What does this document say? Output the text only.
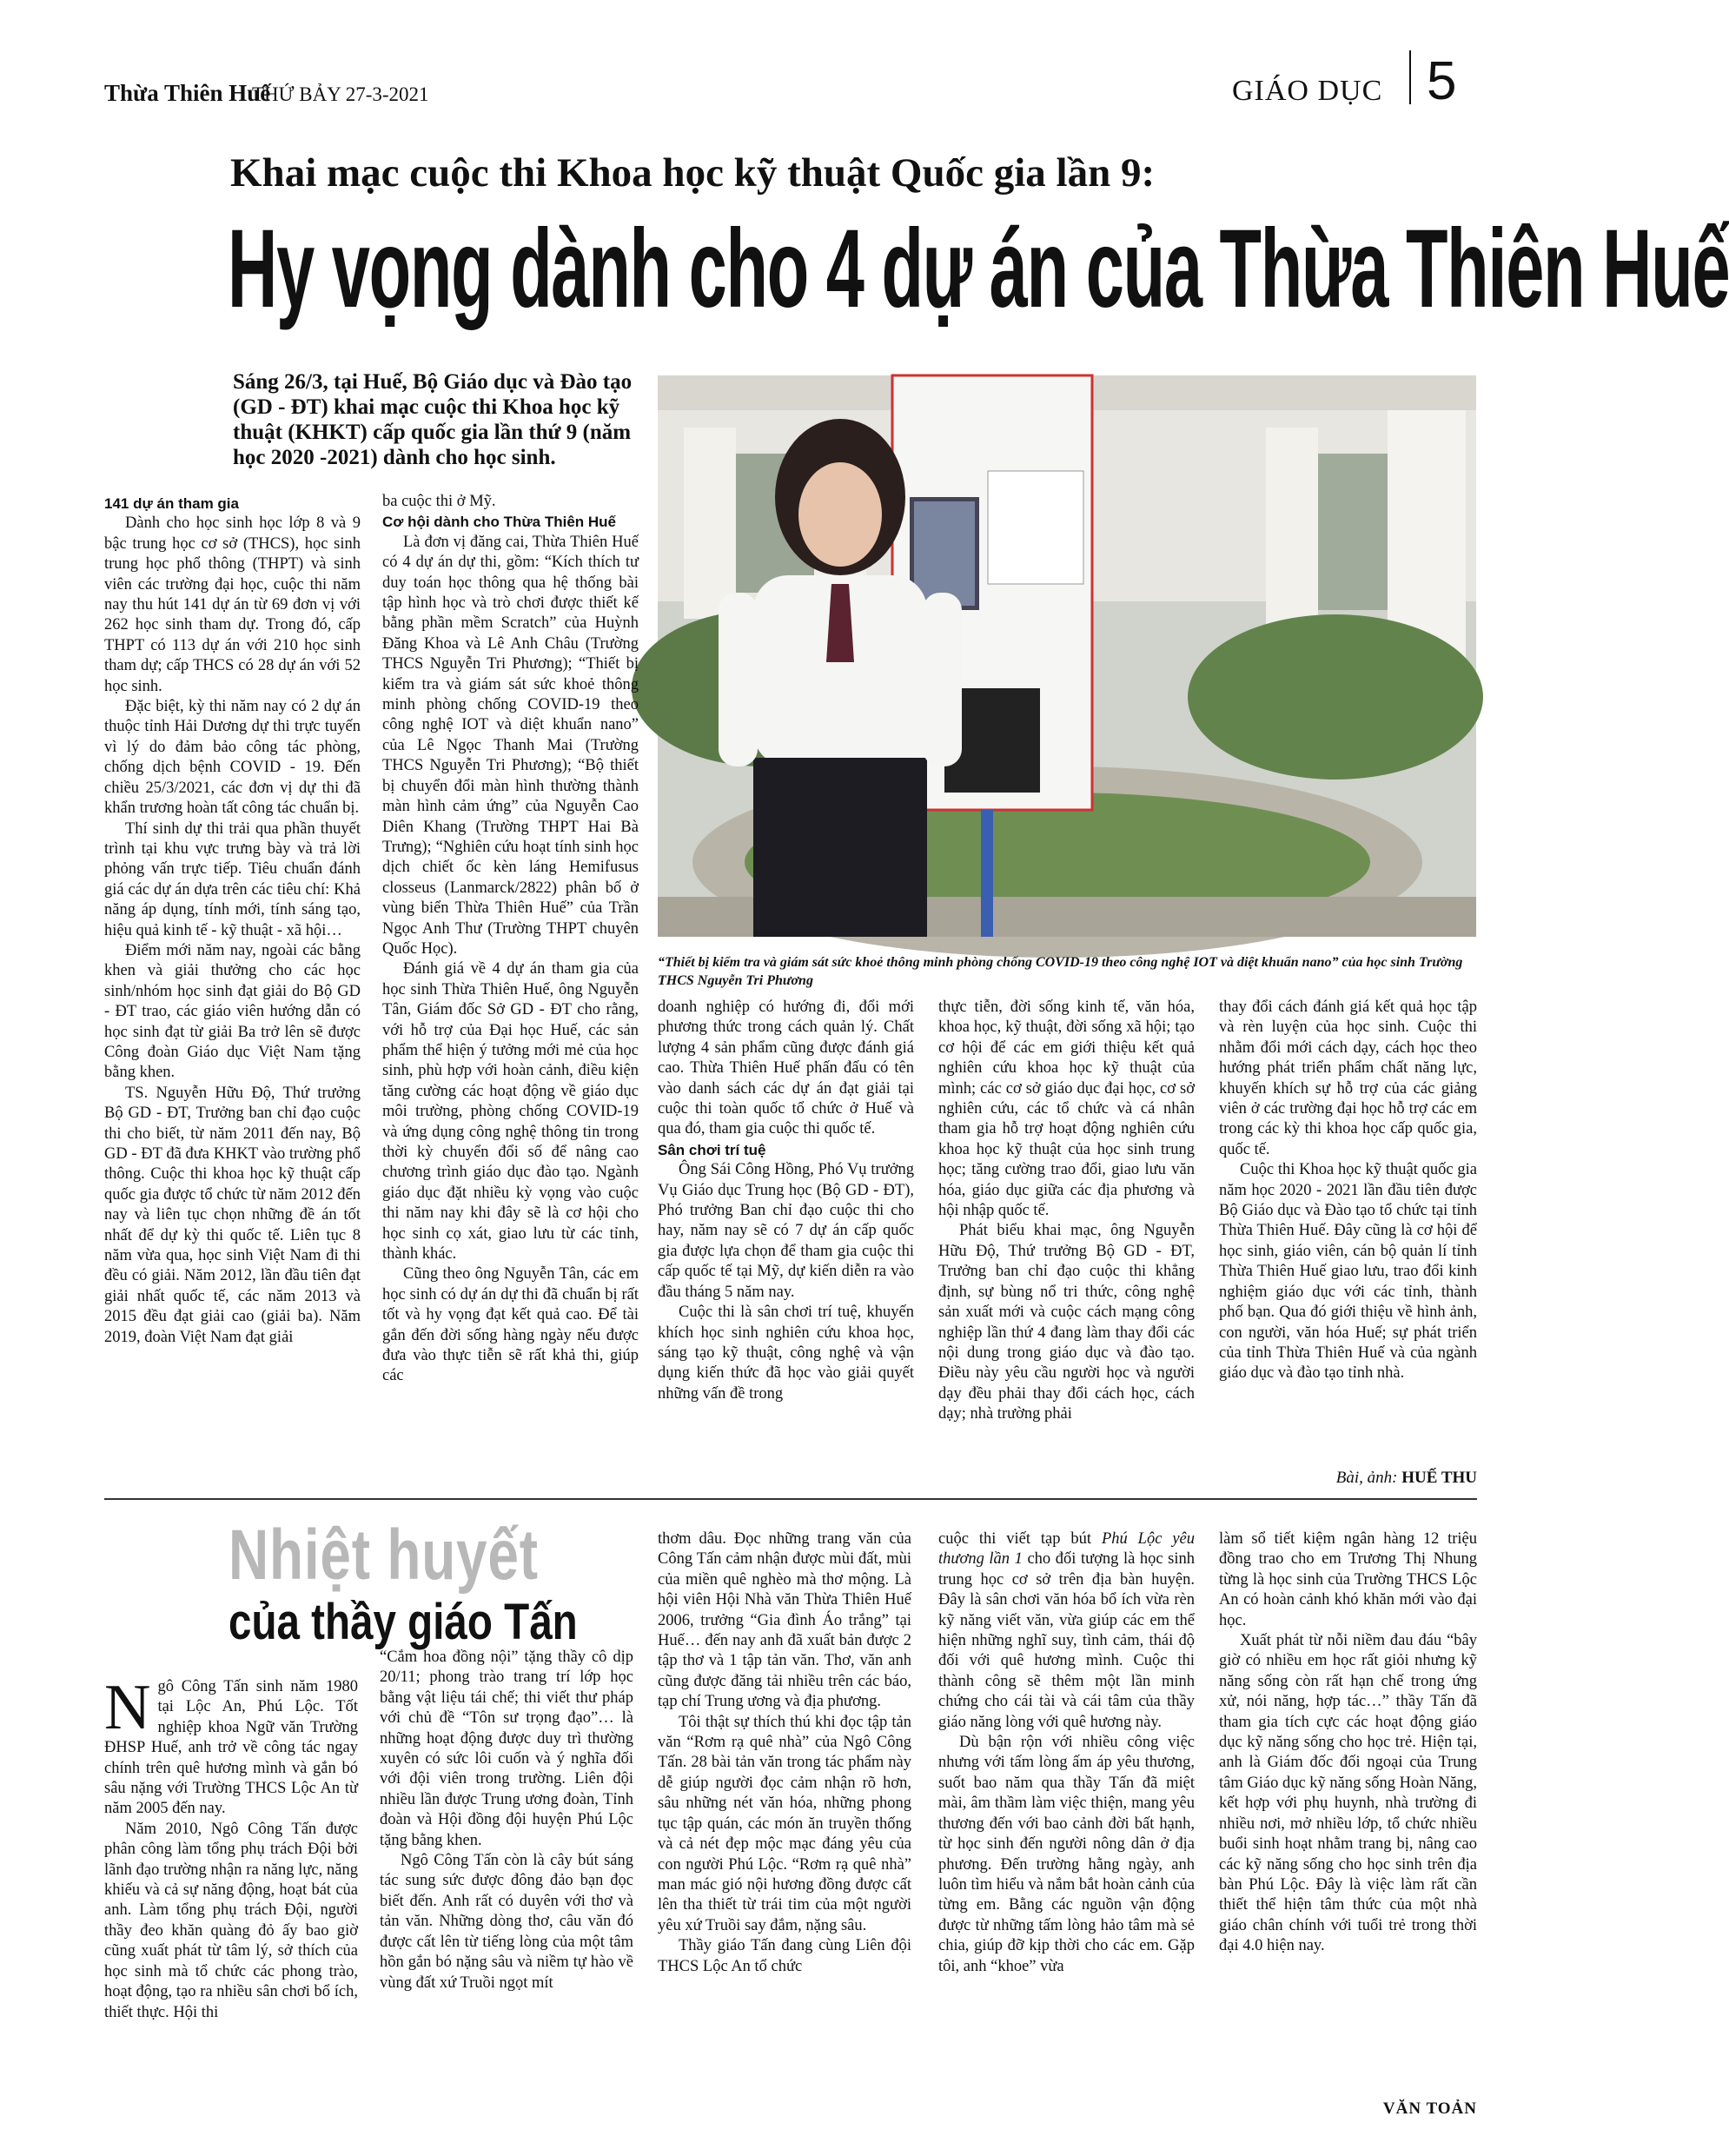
Thừa Thiên Huế
THỨ BẢY 27-3-2021	GIÁO DỤC 5
Khai mạc cuộc thi Khoa học kỹ thuật Quốc gia lần 9:
Hy vọng dành cho 4 dự án của Thừa Thiên Huế
Sáng 26/3, tại Huế, Bộ Giáo dục và Đào tạo (GD - ĐT) khai mạc cuộc thi Khoa học kỹ thuật (KHKT) cấp quốc gia lần thứ 9 (năm học 2020 -2021) dành cho học sinh.
“Thiết bị kiểm tra và giám sát sức khoẻ thông minh phòng chống COVID-19 theo công nghệ IOT và diệt khuẩn nano” của học sinh Trường THCS Nguyễn Tri Phương

141 dự án tham gia

Dành cho học sinh học lớp 8 và 9 bậc trung học cơ sở (THCS), học sinh trung học phổ thông (THPT) và sinh viên các trường đại học, cuộc thi năm nay thu hút 141 dự án từ 69 đơn vị với 262 học sinh tham dự. Trong đó, cấp THPT có 113 dự án với 210 học sinh tham dự; cấp THCS có 28 dự án với 52 học sinh.

Đặc biệt, kỳ thi năm nay có 2 dự án thuộc tỉnh Hải Dương dự thi trực tuyến vì lý do đảm bảo công tác phòng, chống dịch bệnh COVID - 19. Đến chiều 25/3/2021, các đơn vị dự thi đã khẩn trương hoàn tất công tác chuẩn bị.

Thí sinh dự thi trải qua phần thuyết trình tại khu vực trưng bày và trả lời phỏng vấn trực tiếp. Tiêu chuẩn đánh giá các dự án dựa trên các tiêu chí: Khả năng áp dụng, tính mới, tính sáng tạo, hiệu quả kinh tế - kỹ thuật - xã hội…

Điểm mới năm nay, ngoài các bằng khen và giải thưởng cho các học sinh/nhóm học sinh đạt giải do Bộ GD - ĐT trao, các giáo viên hướng dẫn có học sinh đạt từ giải Ba trở lên sẽ được Công đoàn Giáo dục Việt Nam tặng bằng khen.

TS. Nguyễn Hữu Độ, Thứ trưởng Bộ GD - ĐT, Trưởng ban chỉ đạo cuộc thi cho biết, từ năm 2011 đến nay, Bộ GD - ĐT đã đưa KHKT vào trường phổ thông. Cuộc thi khoa học kỹ thuật cấp quốc gia được tổ chức từ năm 2012 đến nay và liên tục chọn những đề án tốt nhất để dự kỳ thi quốc tế. Liên tục 8 năm vừa qua, học sinh Việt Nam đi thi đều có giải. Năm 2012, lần đầu tiên đạt giải nhất quốc tế, các năm 2013 và 2015 đều đạt giải cao (giải ba). Năm 2019, đoàn Việt Nam đạt giải

ba cuộc thi ở Mỹ.

Cơ hội dành cho Thừa Thiên Huế

Là đơn vị đăng cai, Thừa Thiên Huế có 4 dự án dự thi, gồm: “Kích thích tư duy toán học thông qua hệ thống bài tập hình học và trò chơi được thiết kế bằng phần mềm Scratch” của Huỳnh Đăng Khoa và Lê Anh Châu (Trường THCS Nguyễn Tri Phương); “Thiết bị kiểm tra và giám sát sức khoẻ thông minh phòng chống COVID-19 theo công nghệ IOT và diệt khuẩn nano” của Lê Ngọc Thanh Mai (Trường THCS Nguyễn Tri Phương); “Bộ thiết bị chuyển đổi màn hình thường thành màn hình cảm ứng” của Nguyễn Cao Diên Khang (Trường THPT Hai Bà Trưng); “Nghiên cứu hoạt tính sinh học dịch chiết ốc kèn láng Hemifusus closseus (Lanmarck/2822) phân bố ở vùng biển Thừa Thiên Huế” của Trần Ngọc Anh Thư (Trường THPT chuyên Quốc Học).

Đánh giá về 4 dự án tham gia của học sinh Thừa Thiên Huế, ông Nguyễn Tân, Giám đốc Sở GD - ĐT cho rằng, với hỗ trợ của Đại học Huế, các sản phẩm thể hiện ý tưởng mới mẻ của học sinh, phù hợp với hoàn cảnh, điều kiện tăng cường các hoạt động về giáo dục môi trường, phòng chống COVID-19 và ứng dụng công nghệ thông tin trong thời kỳ chuyển đổi số để nâng cao chương trình giáo dục đào tạo. Ngành giáo dục đặt nhiều kỳ vọng vào cuộc thi năm nay khi đây sẽ là cơ hội cho học sinh cọ xát, giao lưu từ các tỉnh, thành khác.

Cũng theo ông Nguyễn Tân, các em học sinh có dự án dự thi đã chuẩn bị rất tốt và hy vọng đạt kết quả cao. Để tài gắn đến đời sống hàng ngày nếu được đưa vào thực tiễn sẽ rất khả thi, giúp các

doanh nghiệp có hướng đi, đổi mới phương thức trong cách quản lý. Chất lượng 4 sản phẩm cũng được đánh giá cao. Thừa Thiên Huế phấn đấu có tên vào danh sách các dự án đạt giải tại cuộc thi toàn quốc tổ chức ở Huế và qua đó, tham gia cuộc thi quốc tế.

Sân chơi trí tuệ

Ông Sái Công Hồng, Phó Vụ trưởng Vụ Giáo dục Trung học (Bộ GD - ĐT), Phó trưởng Ban chỉ đạo cuộc thi cho hay, năm nay sẽ có 7 dự án cấp quốc gia được lựa chọn để tham gia cuộc thi cấp quốc tế tại Mỹ, dự kiến diễn ra vào đầu tháng 5 năm nay.

Cuộc thi là sân chơi trí tuệ, khuyến khích học sinh nghiên cứu khoa học, sáng tạo kỹ thuật, công nghệ và vận dụng kiến thức đã học vào giải quyết những vấn đề trong

thực tiễn, đời sống kinh tế, văn hóa, khoa học, kỹ thuật, đời sống xã hội; tạo cơ hội để các em giới thiệu kết quả nghiên cứu khoa học kỹ thuật của mình; các cơ sở giáo dục đại học, cơ sở nghiên cứu, các tổ chức và cá nhân tham gia hỗ trợ hoạt động nghiên cứu khoa học kỹ thuật của học sinh trung học; tăng cường trao đổi, giao lưu văn hóa, giáo dục giữa các địa phương và hội nhập quốc tế.

Phát biểu khai mạc, ông Nguyễn Hữu Độ, Thứ trưởng Bộ GD - ĐT, Trưởng ban chỉ đạo cuộc thi khẳng định, sự bùng nổ tri thức, công nghệ sản xuất mới và cuộc cách mạng công nghiệp lần thứ 4 đang làm thay đổi các nội dung trong giáo dục và đào tạo. Điều này yêu cầu người học và người dạy đều phải thay đổi cách học, cách dạy; nhà trường phải

thay đổi cách đánh giá kết quả học tập và rèn luyện của học sinh. Cuộc thi nhằm đổi mới cách dạy, cách học theo hướng phát triển phẩm chất năng lực, khuyến khích sự hỗ trợ của các giảng viên ở các trường đại học hỗ trợ các em trong các kỳ thi khoa học cấp quốc gia, quốc tế.

Cuộc thi Khoa học kỹ thuật quốc gia năm học 2020 - 2021 lần đầu tiên được Bộ Giáo dục và Đào tạo tổ chức tại tỉnh Thừa Thiên Huế. Đây cũng là cơ hội để học sinh, giáo viên, cán bộ quản lí tỉnh Thừa Thiên Huế giao lưu, trao đổi kinh nghiệm giáo dục với các tỉnh, thành phố bạn. Qua đó giới thiệu về hình ảnh, con người, văn hóa Huế; sự phát triển của tỉnh Thừa Thiên Huế và của ngành giáo dục và đào tạo tỉnh nhà.

Bài, ảnh: HUẾ THU
Nhiệt huyết
của thầy giáo Tấn

Ngô Công Tấn sinh năm 1980 tại Lộc An, Phú Lộc. Tốt nghiệp khoa Ngữ văn Trường ĐHSP Huế, anh trở về công tác ngay chính trên quê hương mình và gắn bó sâu nặng với Trường THCS Lộc An từ năm 2005 đến nay.

Năm 2010, Ngô Công Tấn được phân công làm tổng phụ trách Đội bởi lãnh đạo trường nhận ra năng lực, năng khiếu và cả sự năng động, hoạt bát của anh. Làm tổng phụ trách Đội, người thầy đeo khăn quàng đỏ ấy bao giờ cũng xuất phát từ tâm lý, sở thích của học sinh mà tổ chức các phong trào, hoạt động, tạo ra nhiều sân chơi bổ ích, thiết thực. Hội thi

“Cắm hoa đồng nội” tặng thầy cô dịp 20/11; phong trào trang trí lớp học bằng vật liệu tái chế; thi viết thư pháp với chủ đề “Tôn sư trọng đạo”… là những hoạt động được duy trì thường xuyên có sức lôi cuốn và ý nghĩa đối với đội viên trong trường. Liên đội nhiều lần được Trung ương đoàn, Tỉnh đoàn và Hội đồng đội huyện Phú Lộc tặng bằng khen.

Ngô Công Tấn còn là cây bút sáng tác sung sức được đông đảo bạn đọc biết đến. Anh rất có duyên với thơ và tản văn. Những dòng thơ, câu văn đó được cất lên từ tiếng lòng của một tâm hồn gắn bó nặng sâu và niềm tự hào về vùng đất xứ Truồi ngọt mít

thơm dâu. Đọc những trang văn của Công Tấn cảm nhận được mùi đất, mùi của miền quê nghèo mà thơ mộng. Là hội viên Hội Nhà văn Thừa Thiên Huế 2006, trưởng “Gia đình Áo trắng” tại Huế… đến nay anh đã xuất bản được 2 tập thơ và 1 tập tản văn. Thơ, văn anh cũng được đăng tải nhiều trên các báo, tạp chí Trung ương và địa phương.

Tôi thật sự thích thú khi đọc tập tản văn “Rơm rạ quê nhà” của Ngô Công Tấn. 28 bài tản văn trong tác phẩm này dễ giúp người đọc cảm nhận rõ hơn, sâu những nét văn hóa, những phong tục tập quán, các món ăn truyền thống và cả nét đẹp mộc mạc đáng yêu của con người Phú Lộc. “Rơm rạ quê nhà” man mác gió nội hương đồng được cất lên tha thiết từ trái tim của một người yêu xứ Truồi say đắm, nặng sâu.

Thầy giáo Tấn đang cùng Liên đội THCS Lộc An tổ chức

cuộc thi viết tạp bút Phú Lộc yêu thương lần 1 cho đối tượng là học sinh trung học cơ sở trên địa bàn huyện. Đây là sân chơi văn hóa bổ ích vừa rèn kỹ năng viết văn, vừa giúp các em thể hiện những nghĩ suy, tình cảm, thái độ đối với quê hương mình. Cuộc thi thành công sẽ thêm một lần minh chứng cho cái tài và cái tâm của thầy giáo năng lòng với quê hương này.

Dù bận rộn với nhiều công việc nhưng với tấm lòng ấm áp yêu thương, suốt bao năm qua thầy Tấn đã miệt mài, âm thầm làm việc thiện, mang yêu thương đến với bao cảnh đời bất hạnh, từ học sinh đến người nông dân ở địa phương. Đến trường hằng ngày, anh luôn tìm hiểu và nắm bắt hoàn cảnh của từng em. Bằng các nguồn vận động được từ những tấm lòng hảo tâm mà sẻ chia, giúp đỡ kịp thời cho các em. Gặp tôi, anh “khoe” vừa

làm sổ tiết kiệm ngân hàng 12 triệu đồng trao cho em Trương Thị Nhung từng là học sinh của Trường THCS Lộc An có hoàn cảnh khó khăn mới vào đại học.

Xuất phát từ nỗi niềm đau đáu “bây giờ có nhiều em học rất giỏi nhưng kỹ năng sống còn rất hạn chế trong ứng xử, nói năng, hợp tác…” thầy Tấn đã tham gia tích cực các hoạt động giáo dục kỹ năng sống cho học trẻ. Hiện tại, anh là Giám đốc đối ngoại của Trung tâm Giáo dục kỹ năng sống Hoàn Năng, kết hợp với phụ huynh, nhà trường đi nhiều nơi, mở nhiều lớp, tổ chức nhiều buổi sinh hoạt nhằm trang bị, nâng cao các kỹ năng sống cho học sinh trên địa bàn Phú Lộc. Đây là việc làm rất cần thiết thể hiện tâm thức của một nhà giáo chân chính với tuổi trẻ trong thời đại 4.0 hiện nay.

VĂN TOẢN
